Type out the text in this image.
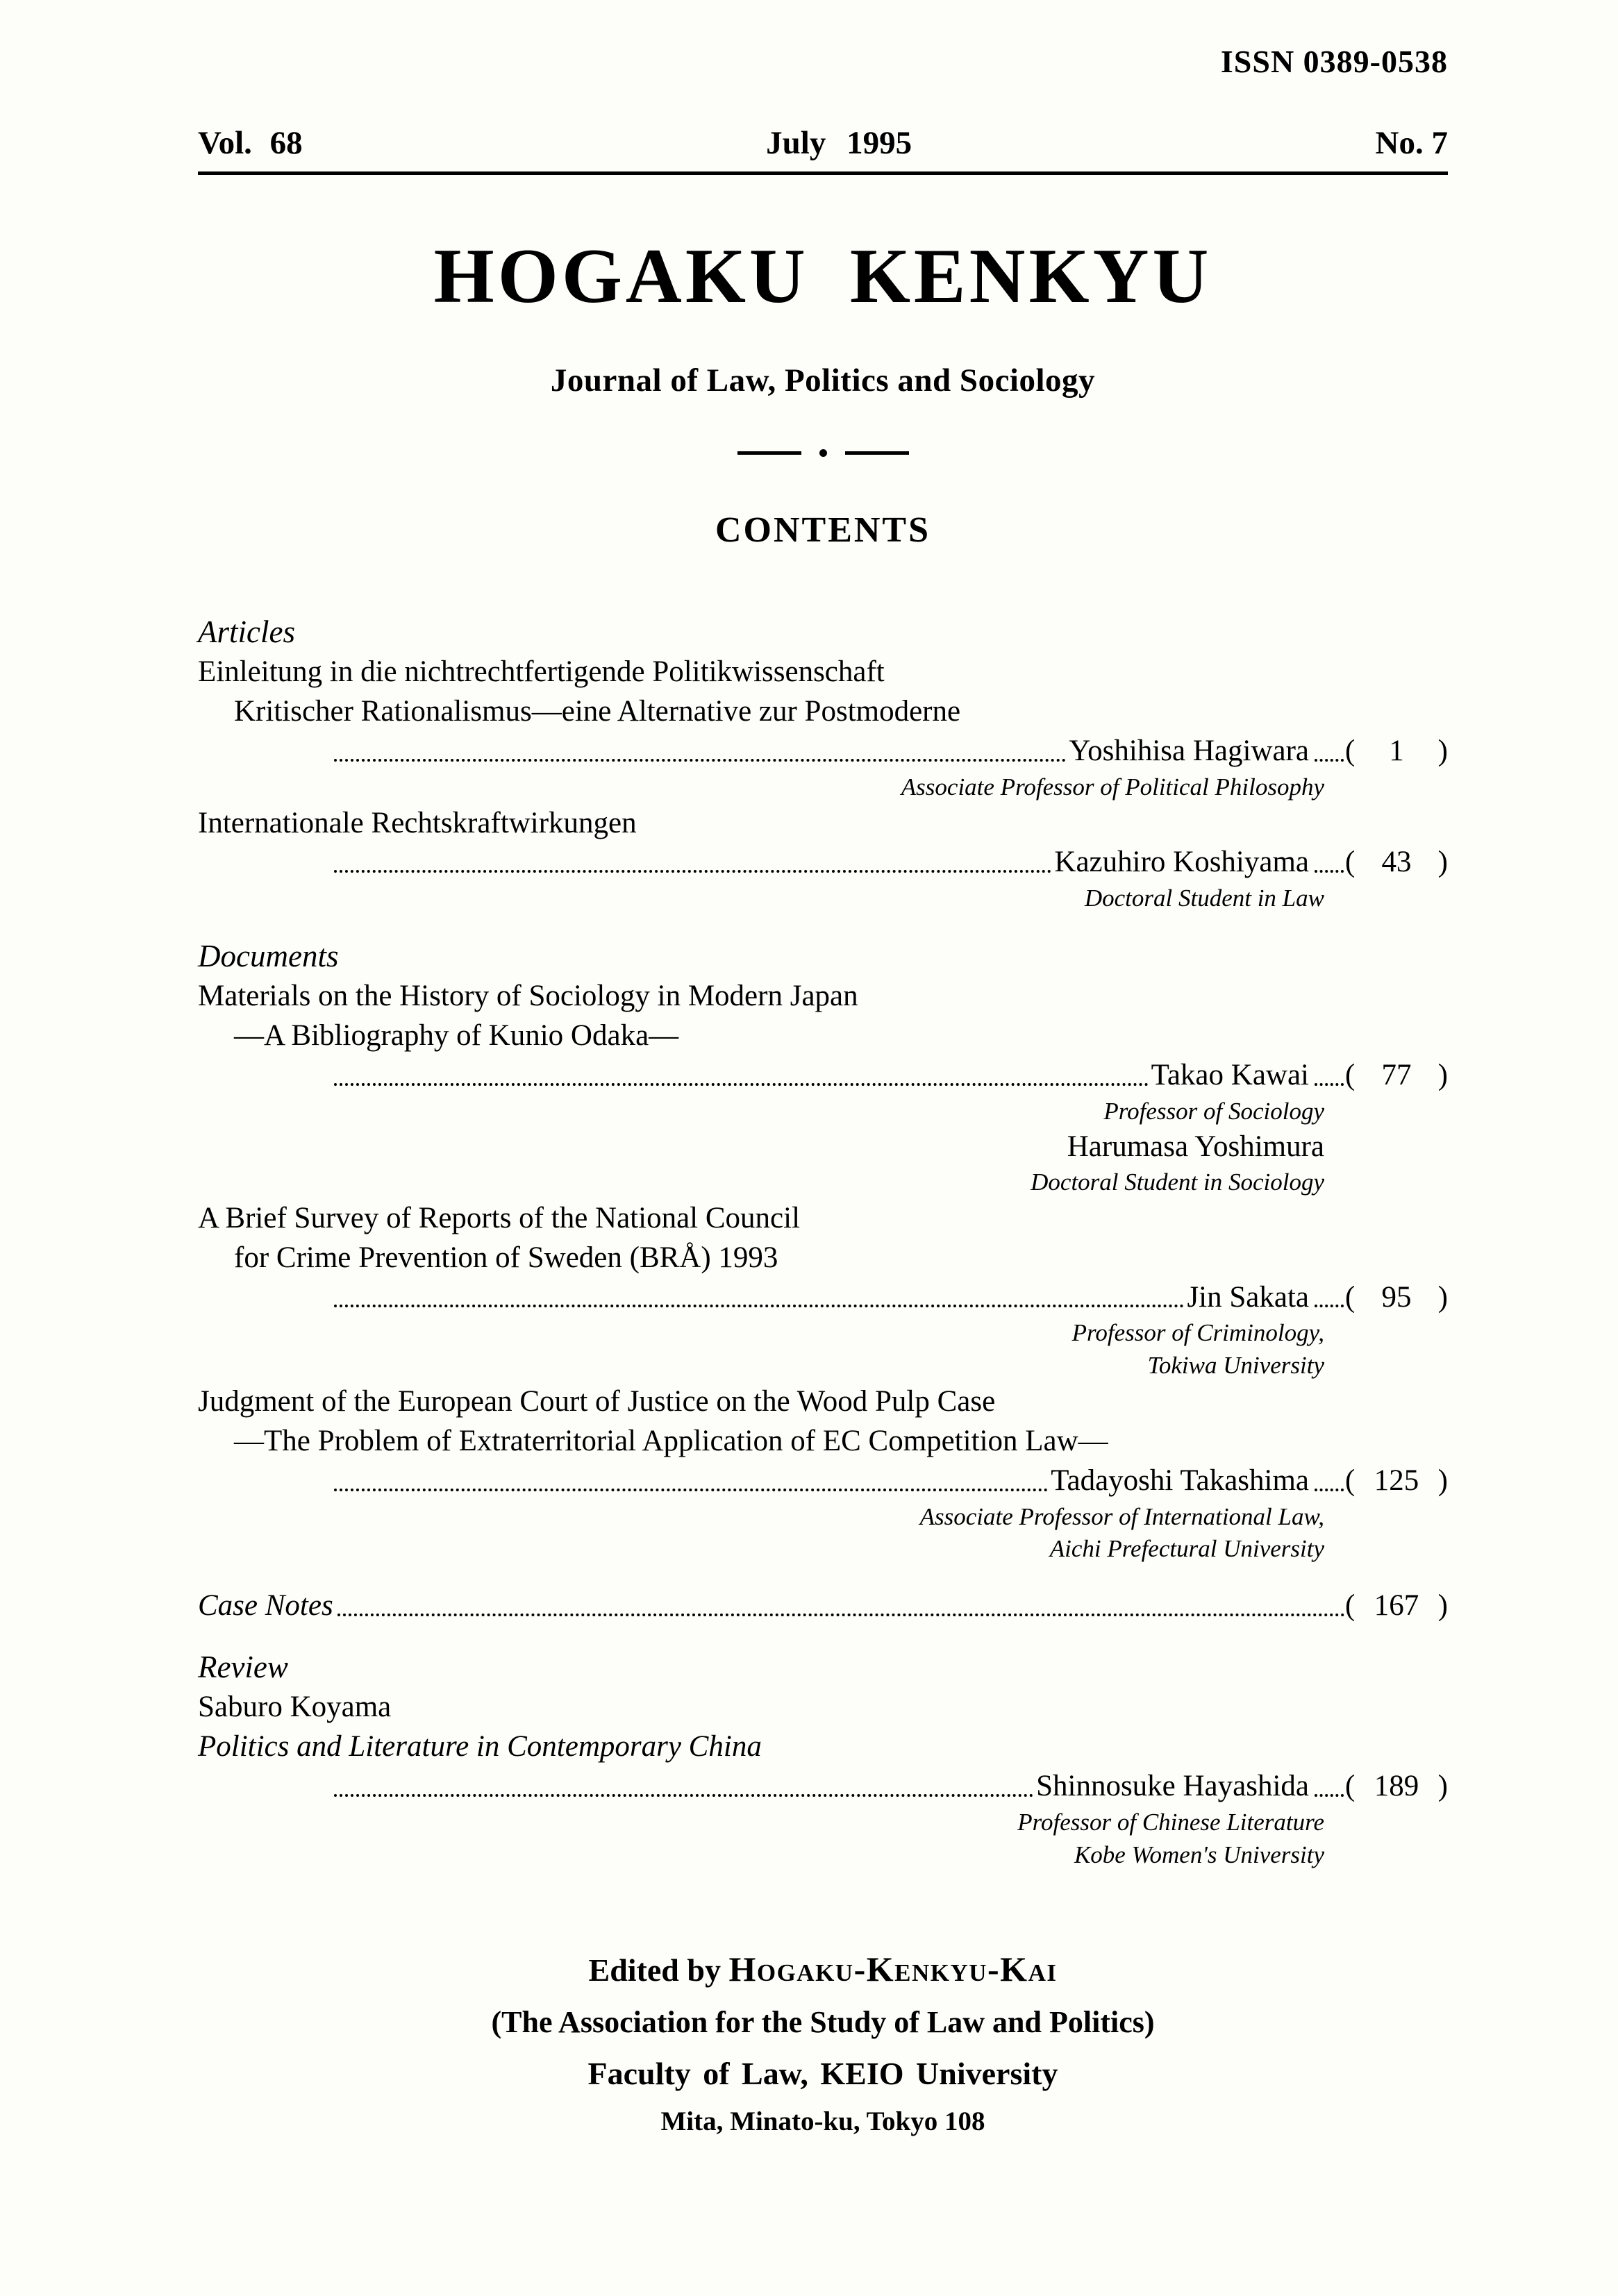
ISSN 0389-0538
Vol. 68	July 1995	No. 7
HOGAKU KENKYU
Journal of Law, Politics and Sociology
CONTENTS
Articles
Einleitung in die nichtrechtfertigende Politikwissenschaft
Kritischer Rationalismus—eine Alternative zur Postmoderne
Yoshihisa Hagiwara (	1	)
Associate Professor of Political Philosophy
Internationale Rechtskraftwirkungen
Kazuhiro Koshiyama ( 43 )
Doctoral Student in Law
Documents
Materials on the History of Sociology in Modern Japan
—A Bibliography of Kunio Odaka—
Takao Kawai ( 77 )
Professor of Sociology
Harumasa Yoshimura
Doctoral Student in Sociology
A Brief Survey of Reports of the National Council
for Crime Prevention of Sweden (BRÅ) 1993
Jin Sakata ( 95 )
Professor of Criminology,
Tokiwa University
Judgment of the European Court of Justice on the Wood Pulp Case
—The Problem of Extraterritorial Application of EC Competition Law—
Tadayoshi Takashima ( 125 )
Associate Professor of International Law,
Aichi Prefectural University
Case Notes	( 167 )
Review
Saburo Koyama
Politics and Literature in Contemporary China
Shinnosuke Hayashida ( 189 )
Professor of Chinese Literature
Kobe Women's University
Edited by Hogaku-Kenkyu-Kai
(The Association for the Study of Law and Politics)
Faculty of Law, KEIO University
Mita, Minato-ku, Tokyo 108
